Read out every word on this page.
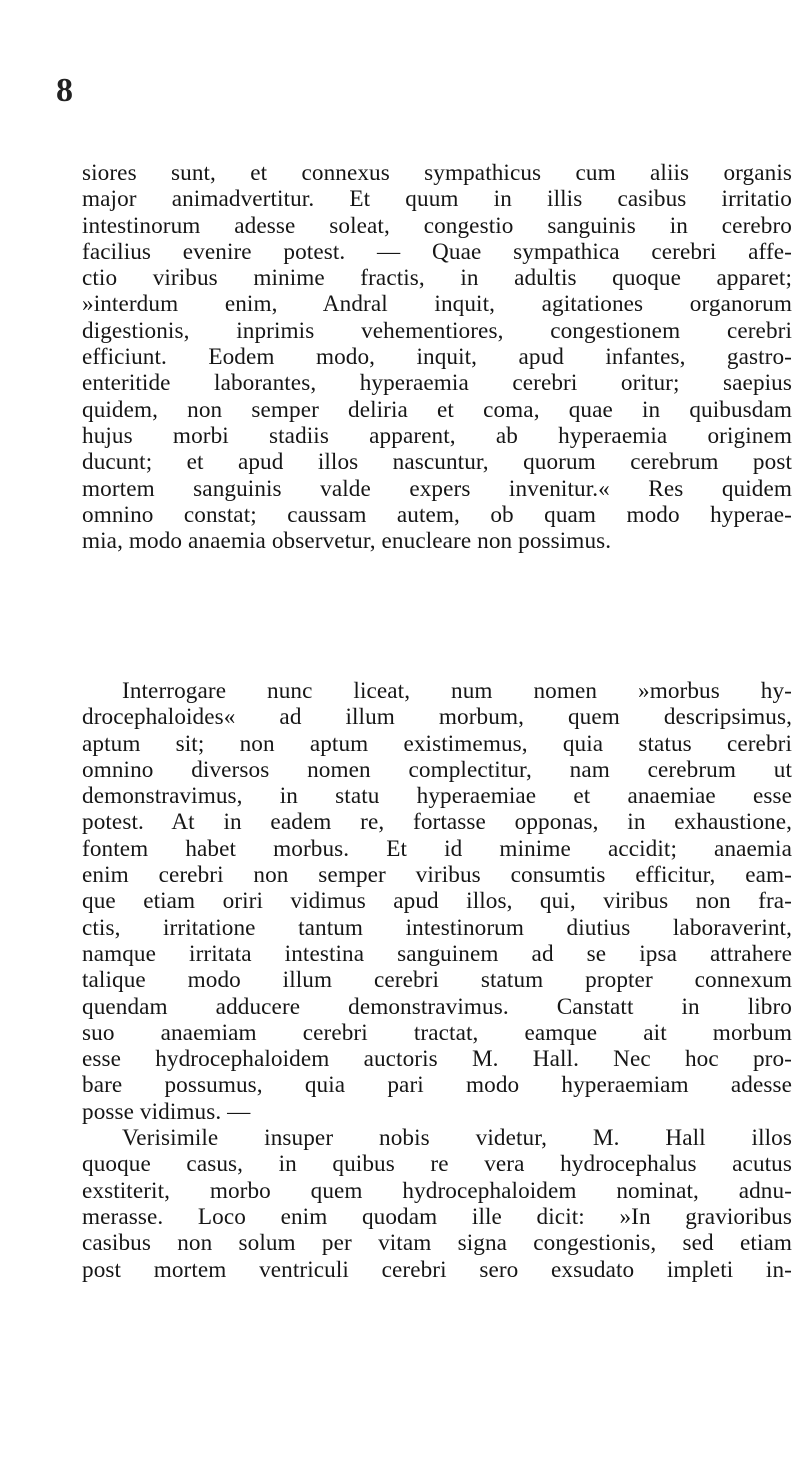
8
siores sunt, et connexus sympathicus cum aliis organis
major animadvertitur. Et quum in illis casibus irritatio
intestinorum adesse soleat, congestio sanguinis in cerebro
facilius evenire potest. — Quae sympathica cerebri affe-
ctio viribus minime fractis, in adultis quoque apparet;
»interdum enim, Andral inquit, agitationes organorum
digestionis, inprimis vehementiores, congestionem cerebri
efficiunt. Eodem modo, inquit, apud infantes, gastro-
enteritide laborantes, hyperaemia cerebri oritur; saepius
quidem, non semper deliria et coma, quae in quibusdam
hujus morbi stadiis apparent, ab hyperaemia originem
ducunt; et apud illos nascuntur, quorum cerebrum post
mortem sanguinis valde expers invenitur.« Res quidem
omnino constat; caussam autem, ob quam modo hyperae-
mia, modo anaemia observetur, enucleare non possimus.
Interrogare nunc liceat, num nomen »morbus hy-
drocephaloides« ad illum morbum, quem descripsimus,
aptum sit; non aptum existimemus, quia status cerebri
omnino diversos nomen complectitur, nam cerebrum ut
demonstravimus, in statu hyperaemiae et anaemiae esse
potest. At in eadem re, fortasse opponas, in exhaustione,
fontem habet morbus. Et id minime accidit; anaemia
enim cerebri non semper viribus consumtis efficitur, eam-
que etiam oriri vidimus apud illos, qui, viribus non fra-
ctis, irritatione tantum intestinorum diutius laboraverint,
namque irritata intestina sanguinem ad se ipsa attrahere
talique modo illum cerebri statum propter connexum
quendam adducere demonstravimus. Canstatt in libro
suo anaemiam cerebri tractat, eamque ait morbum
esse hydrocephaloidem auctoris M. Hall. Nec hoc pro-
bare possumus, quia pari modo hyperaemiam adesse
posse vidimus. —
Verisimile insuper nobis videtur, M. Hall illos
quoque casus, in quibus re vera hydrocephalus acutus
exstiterit, morbo quem hydrocephaloidem nominat, adnu-
merasse. Loco enim quodam ille dicit: »In gravioribus
casibus non solum per vitam signa congestionis, sed etiam
post mortem ventriculi cerebri sero exsudato impleti in-
